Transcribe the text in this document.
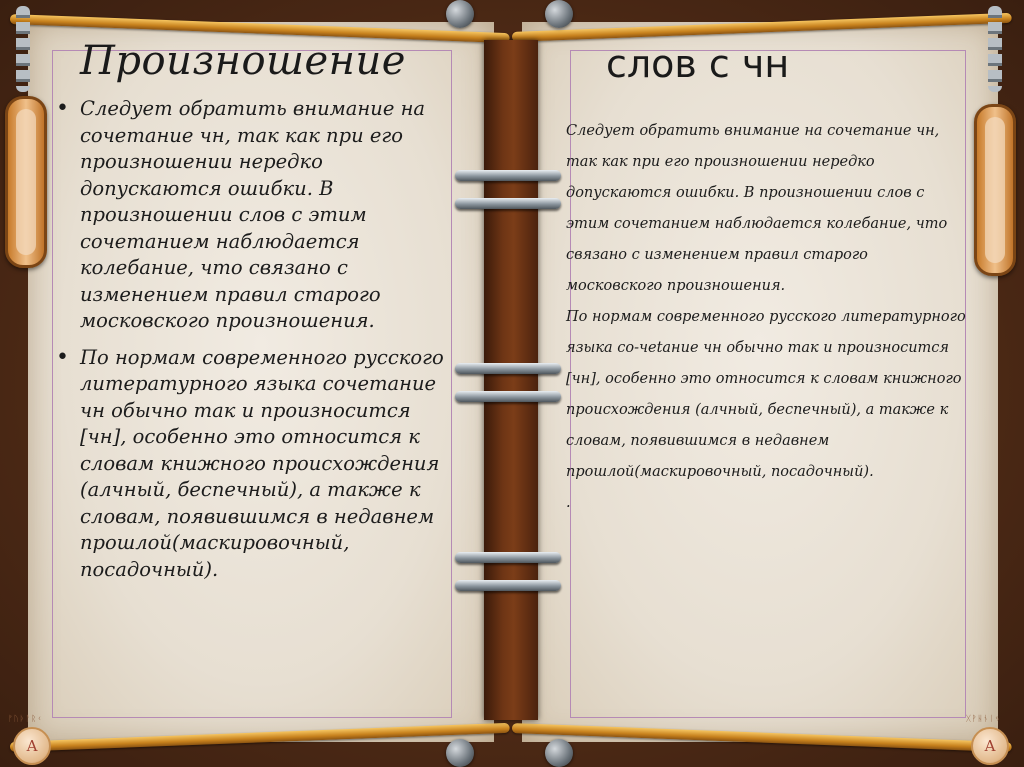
ᚠᚢᚦᚨᚱᚲ	ᚷᚹᚺᚾᛁᛃ
A	A
Произношение	слов с чн
• Следует обратить внимание на сочетание чн, так как при его произношении нередко допускаются ошибки. В произношении слов с этим сочетанием наблюдается колебание, что связано с изменением правил старого московского произношения.
• По нормам современного русского литературного языка сочетание чн обычно так и произносится [чн], особенно это относится к словам книжного происхождения (алчный, беспечный), а также к словам, появившимся в недавнем прошлой(маскировочный, посадочный).

Следует обратить внимание на сочетание чн, так как при его произношении нередко допускаются ошибки. В произношении слов с этим сочетанием наблюдается колебание, что связано с изменением правил старого московского произношения.

По нормам современного русского литературного языка со-чetание чн обычно так и произносится [чн], особенно это относится к словам книжного происхождения (алчный, беспечный), а также к словам, появившимся в недавнем прошлой(маскировочный, посадочный).

.
